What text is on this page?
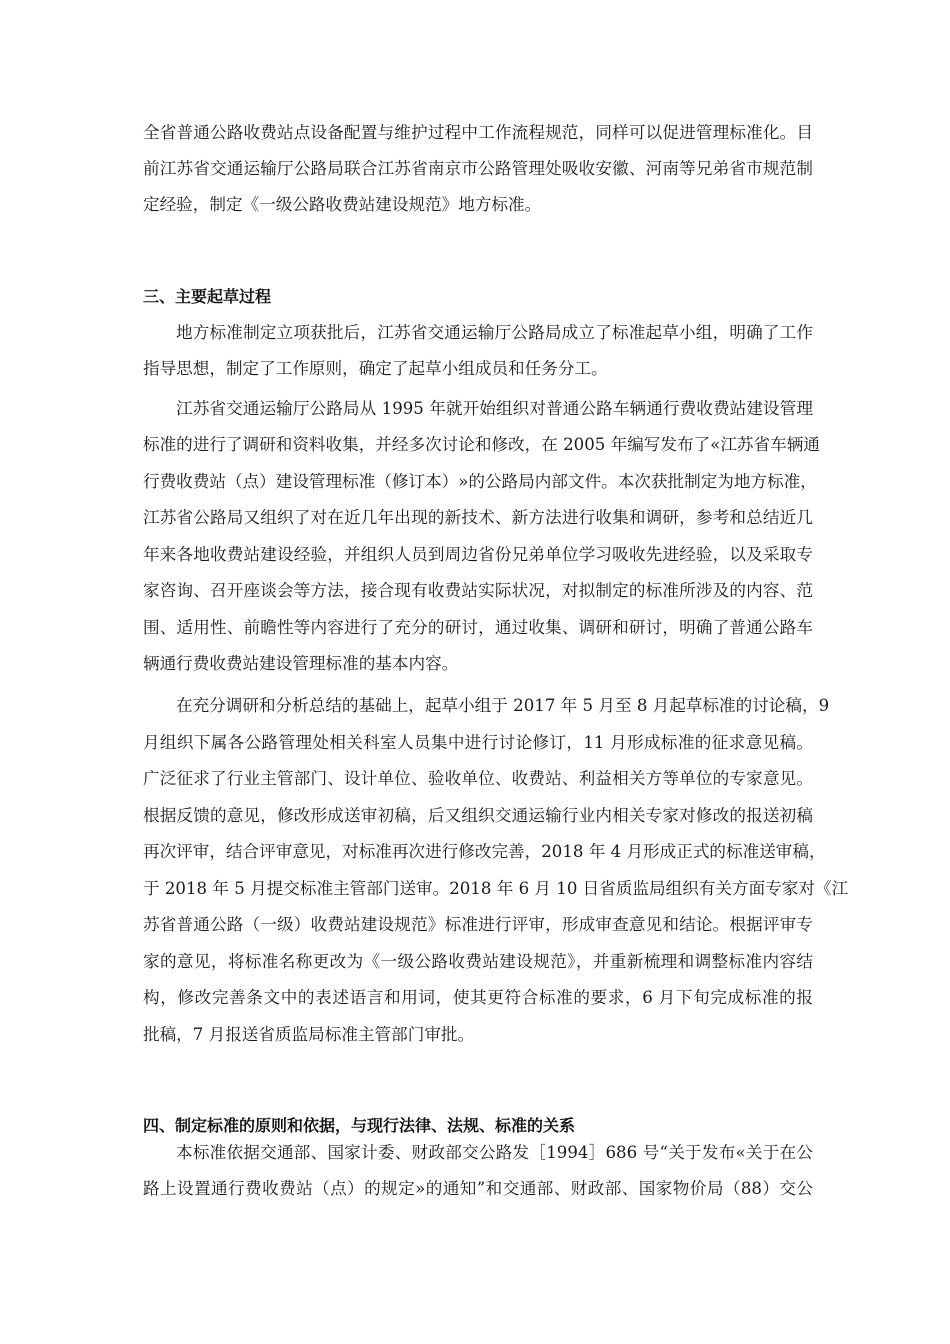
全省普通公路收费站点设备配置与维护过程中工作流程规范，同样可以促进管理标准化。目
前江苏省交通运输厅公路局联合江苏省南京市公路管理处吸收安徽、河南等兄弟省市规范制
定经验，制定《一级公路收费站建设规范》地方标准。
三、主要起草过程
地方标准制定立项获批后，江苏省交通运输厅公路局成立了标准起草小组，明确了工作
指导思想，制定了工作原则，确定了起草小组成员和任务分工。
江苏省交通运输厅公路局从 1995 年就开始组织对普通公路车辆通行费收费站建设管理
标准的进行了调研和资料收集，并经多次讨论和修改，在 2005 年编写发布了«江苏省车辆通
行费收费站（点）建设管理标准（修订本）»的公路局内部文件。本次获批制定为地方标准，
江苏省公路局又组织了对在近几年出现的新技术、新方法进行收集和调研，参考和总结近几
年来各地收费站建设经验，并组织人员到周边省份兄弟单位学习吸收先进经验，以及采取专
家咨询、召开座谈会等方法，接合现有收费站实际状况，对拟制定的标准所涉及的内容、范
围、适用性、前瞻性等内容进行了充分的研讨，通过收集、调研和研讨，明确了普通公路车
辆通行费收费站建设管理标准的基本内容。
在充分调研和分析总结的基础上，起草小组于 2017 年 5 月至 8 月起草标准的讨论稿，9
月组织下属各公路管理处相关科室人员集中进行讨论修订，11 月形成标准的征求意见稿。
广泛征求了行业主管部门、设计单位、验收单位、收费站、利益相关方等单位的专家意见。
根据反馈的意见，修改形成送审初稿，后又组织交通运输行业内相关专家对修改的报送初稿
再次评审，结合评审意见，对标准再次进行修改完善，2018 年 4 月形成正式的标准送审稿，
于 2018 年 5 月提交标准主管部门送审。2018 年 6 月 10 日省质监局组织有关方面专家对《江
苏省普通公路（一级）收费站建设规范》标准进行评审，形成审查意见和结论。根据评审专
家的意见，将标准名称更改为《一级公路收费站建设规范》，并重新梳理和调整标准内容结
构，修改完善条文中的表述语言和用词，使其更符合标准的要求，6 月下旬完成标准的报
批稿，7 月报送省质监局标准主管部门审批。
四、制定标准的原则和依据，与现行法律、法规、标准的关系
本标准依据交通部、国家计委、财政部交公路发［1994］686 号“关于发布«关于在公
路上设置通行费收费站（点）的规定»的通知”和交通部、财政部、国家物价局（88）交公
